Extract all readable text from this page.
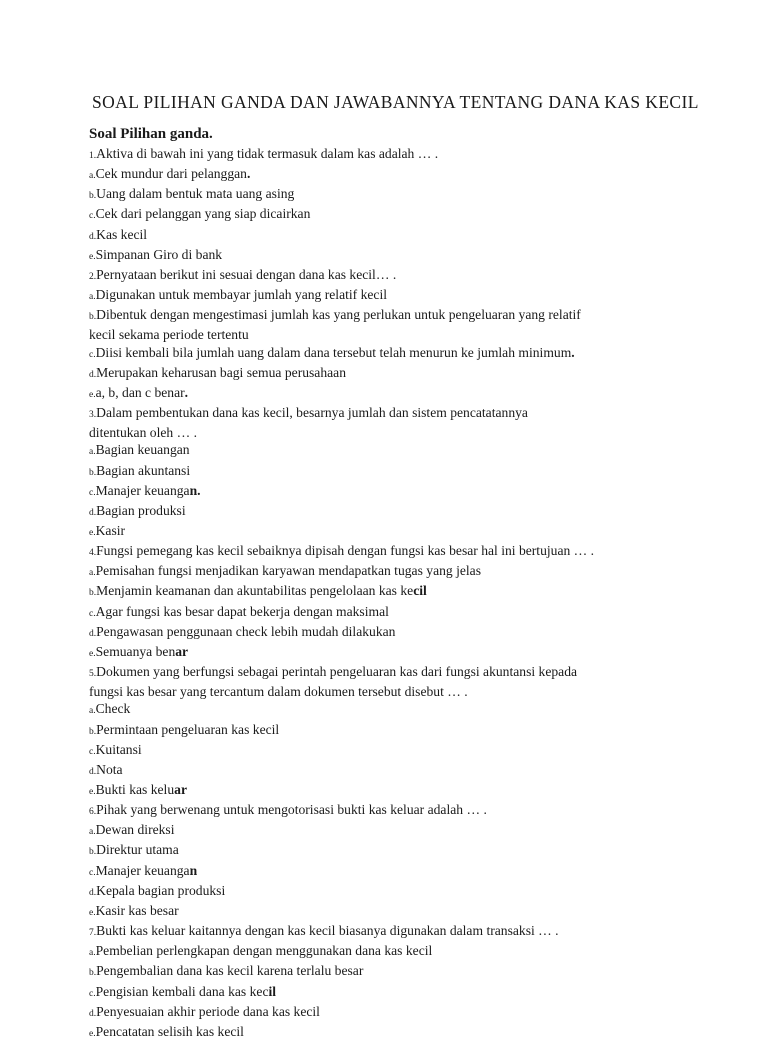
SOAL PILIHAN GANDA DAN JAWABANNYA TENTANG DANA KAS KECIL
Soal Pilihan ganda.
1.Aktiva di bawah ini yang tidak termasuk dalam kas adalah … .
a.Cek mundur dari pelanggan.
b.Uang dalam bentuk mata uang asing
c.Cek dari pelanggan yang siap dicairkan
d.Kas kecil
e.Simpanan Giro di bank
2.Pernyataan berikut ini sesuai dengan dana kas kecil… .
a.Digunakan untuk membayar jumlah yang relatif kecil
b.Dibentuk dengan mengestimasi jumlah kas yang perlukan untuk pengeluaran yang relatif kecil sekama periode tertentu
c.Diisi kembali bila jumlah uang dalam dana tersebut telah menurun ke jumlah minimum.
d.Merupakan keharusan bagi semua perusahaan
e.a, b, dan c benar.
3.Dalam pembentukan dana kas kecil, besarnya jumlah dan sistem pencatatannya ditentukan oleh … .
a.Bagian keuangan
b.Bagian akuntansi
c.Manajer keuangan.
d.Bagian produksi
e.Kasir
4.Fungsi pemegang kas kecil sebaiknya dipisah dengan fungsi kas besar hal ini bertujuan … .
a.Pemisahan fungsi menjadikan karyawan mendapatkan tugas yang jelas
b.Menjamin keamanan dan akuntabilitas pengelolaan kas kecil
c.Agar fungsi kas besar dapat bekerja dengan maksimal
d.Pengawasan penggunaan check lebih mudah dilakukan
e.Semuanya benar
5.Dokumen yang berfungsi sebagai perintah pengeluaran kas dari fungsi akuntansi kepada fungsi kas besar yang tercantum dalam dokumen tersebut disebut … .
a.Check
b.Permintaan pengeluaran kas kecil
c.Kuitansi
d.Nota
e.Bukti kas keluar
6.Pihak yang berwenang untuk mengotorisasi bukti kas keluar adalah … .
a.Dewan direksi
b.Direktur utama
c.Manajer keuangan
d.Kepala bagian produksi
e.Kasir kas besar
7.Bukti kas keluar kaitannya dengan kas kecil biasanya digunakan dalam transaksi … .
a.Pembelian perlengkapan dengan menggunakan dana kas kecil
b.Pengembalian dana kas kecil karena terlalu besar
c.Pengisian kembali dana kas kecil
d.Penyesuaian akhir periode dana kas kecil
e.Pencatatan selisih kas kecil
